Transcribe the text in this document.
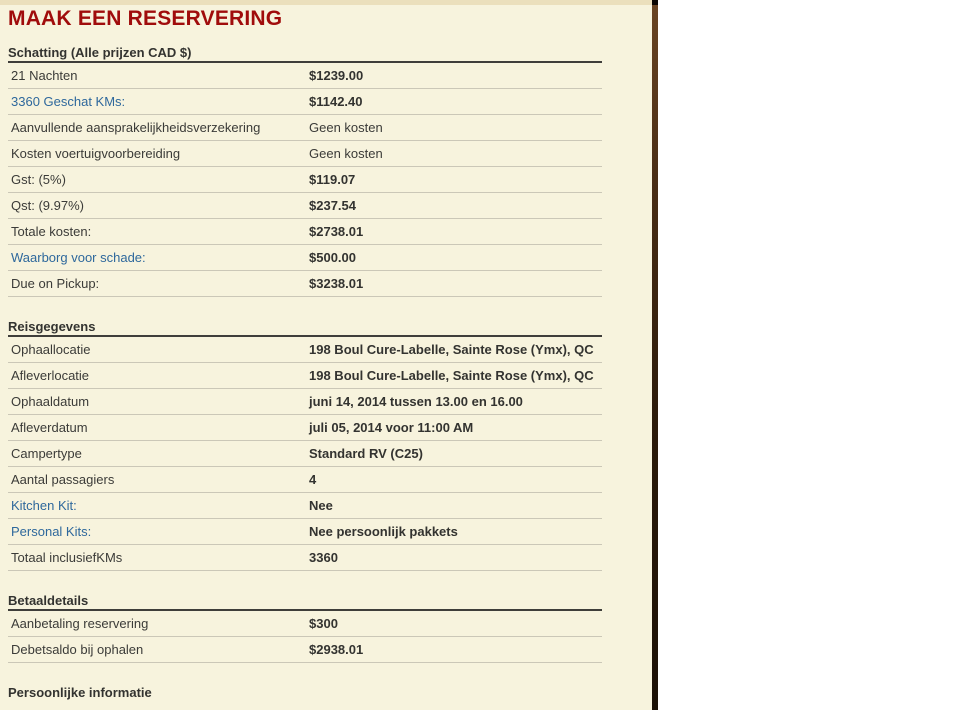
MAAK EEN RESERVERING
Schatting (Alle prijzen CAD $)
21 Nachten	$1239.00
3360 Geschat KMs:	$1142.40
Aanvullende aansprakelijkheidsverzekering	Geen kosten
Kosten voertuigvoorbereiding	Geen kosten
Gst: (5%)	$119.07
Qst: (9.97%)	$237.54
Totale kosten:	$2738.01
Waarborg voor schade:	$500.00
Due on Pickup:	$3238.01
Reisgegevens
Ophaallocatie	198 Boul Cure-Labelle, Sainte Rose (Ymx), QC
Afleverlocatie	198 Boul Cure-Labelle, Sainte Rose (Ymx), QC
Ophaaldatum	juni 14, 2014 tussen 13.00 en 16.00
Afleverdatum	juli 05, 2014 voor 11:00 AM
Campertype	Standard RV (C25)
Aantal passagiers	4
Kitchen Kit:	Nee
Personal Kits:	Nee persoonlijk pakkets
Totaal inclusiefKMs	3360
Betaaldetails
Aanbetaling reservering	$300
Debetsaldo bij ophalen	$2938.01
Persoonlijke informatie
